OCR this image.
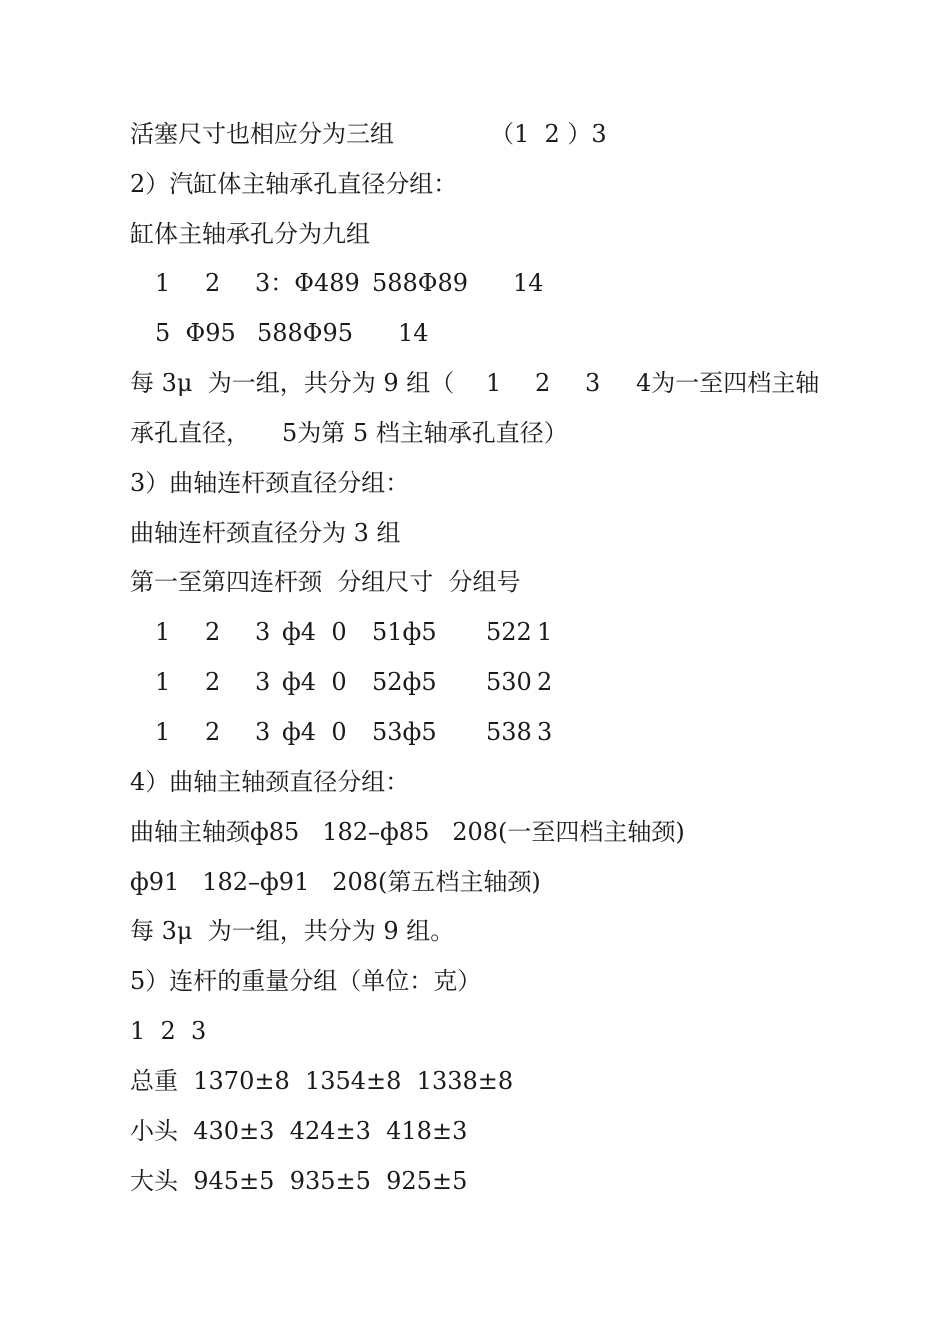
活塞尺寸也相应分为三组	（1  2 ）3
2）汽缸体主轴承孔直径分组：
缸体主轴承孔分为九组
1 2 3：Φ489 588Φ89 14
5  Φ95 588Φ95 14
每 3μ  为一组，共分为 9 组（ 1 2 3 4为一至四档主轴
承孔直径， 5为第 5 档主轴承孔直径）
3）曲轴连杆颈直径分组：
曲轴连杆颈直径分为 3 组
第一至第四连杆颈  分组尺寸  分组号
1 2 3 ф4  0 51ф5 522 1
1 2 3 ф4  0 52ф5 530 2
1 2 3 ф4  0 53ф5 538 3
4）曲轴主轴颈直径分组：
曲轴主轴颈ф85   182–ф85   208(一至四档主轴颈)
ф91   182–ф91   208(第五档主轴颈)
每 3μ  为一组，共分为 9 组。
5）连杆的重量分组（单位：克）
1  2  3
总重  1370±8  1354±8  1338±8
小头  430±3  424±3  418±3
大头  945±5  935±5  925±5
